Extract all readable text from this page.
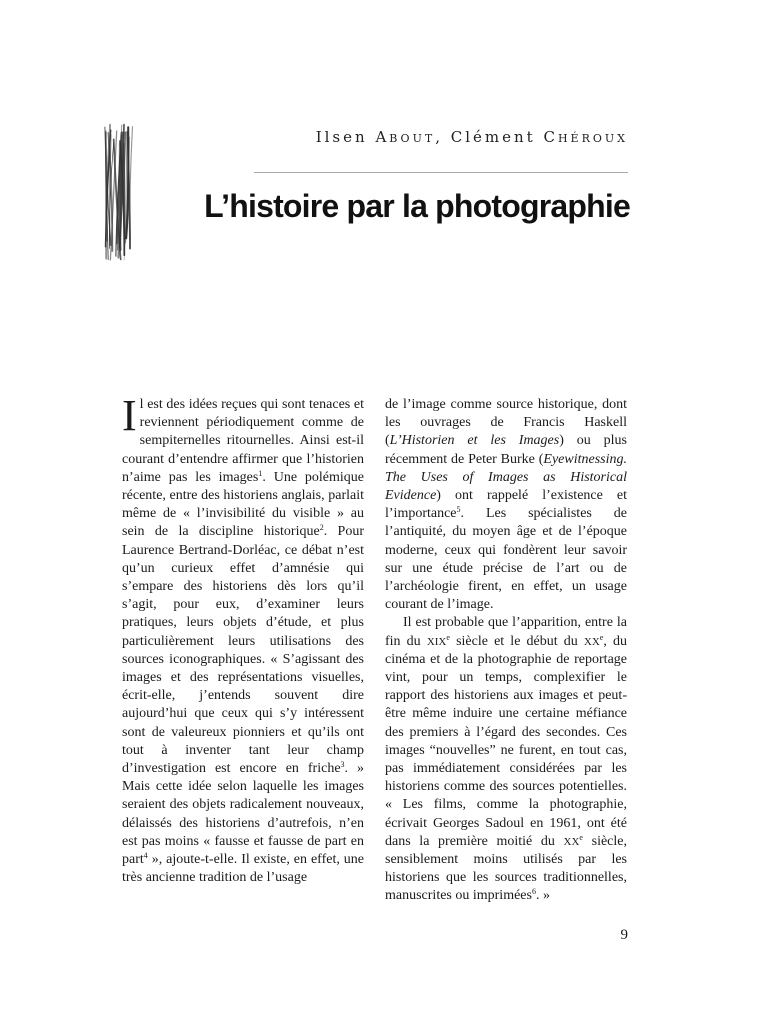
Ilsen About, Clément Chéroux
L’histoire par la photographie

Il est des idées reçues qui sont tenaces et reviennent périodiquement comme de sempiternelles ritournelles. Ainsi est-il courant d’entendre affirmer que l’historien n’aime pas les images$^1$. Une polémique récente, entre des historiens anglais, parlait même de « l’invisibilité du visible » au sein de la discipline historique$^2$. Pour Laurence Bertrand-Dorléac, ce débat n’est qu’un curieux effet d’amnésie qui s’empare des historiens dès lors qu’il s’agit, pour eux, d’examiner leurs pratiques, leurs objets d’étude, et plus particulièrement leurs utilisations des sources iconographiques. « S’agissant des images et des représentations visuelles, écrit-elle, j’entends souvent dire aujourd’hui que ceux qui s’y intéressent sont de valeureux pionniers et qu’ils ont tout à inventer tant leur champ d’investigation est encore en friche$^3$. » Mais cette idée selon laquelle les images seraient des objets radicalement nouveaux, délaissés des historiens d’autrefois, n’en est pas moins « fausse et fausse de part en part$^4$ », ajoute-t-elle. Il existe, en effet, une très ancienne tradition de l’usage

de l’image comme source historique, dont les ouvrages de Francis Haskell (L’Historien et les Images) ou plus récemment de Peter Burke (Eyewitnessing. The Uses of Images as Historical Evidence) ont rappelé l’existence et l’importance$^5$. Les spécialistes de l’antiquité, du moyen âge et de l’époque moderne, ceux qui fondèrent leur savoir sur une étude précise de l’art ou de l’archéologie firent, en effet, un usage courant de l’image.

Il est probable que l’apparition, entre la fin du XIXe siècle et le début du XXe, du cinéma et de la photographie de reportage vint, pour un temps, complexifier le rapport des historiens aux images et peut-être même induire une certaine méfiance des premiers à l’égard des secondes. Ces images “nouvelles” ne furent, en tout cas, pas immédiatement considérées par les historiens comme des sources potentielles. « Les films, comme la photographie, écrivait Georges Sadoul en 1961, ont été dans la première moitié du XXe siècle, sensiblement moins utilisés par les historiens que les sources traditionnelles, manuscrites ou imprimées$^6$. »

9
